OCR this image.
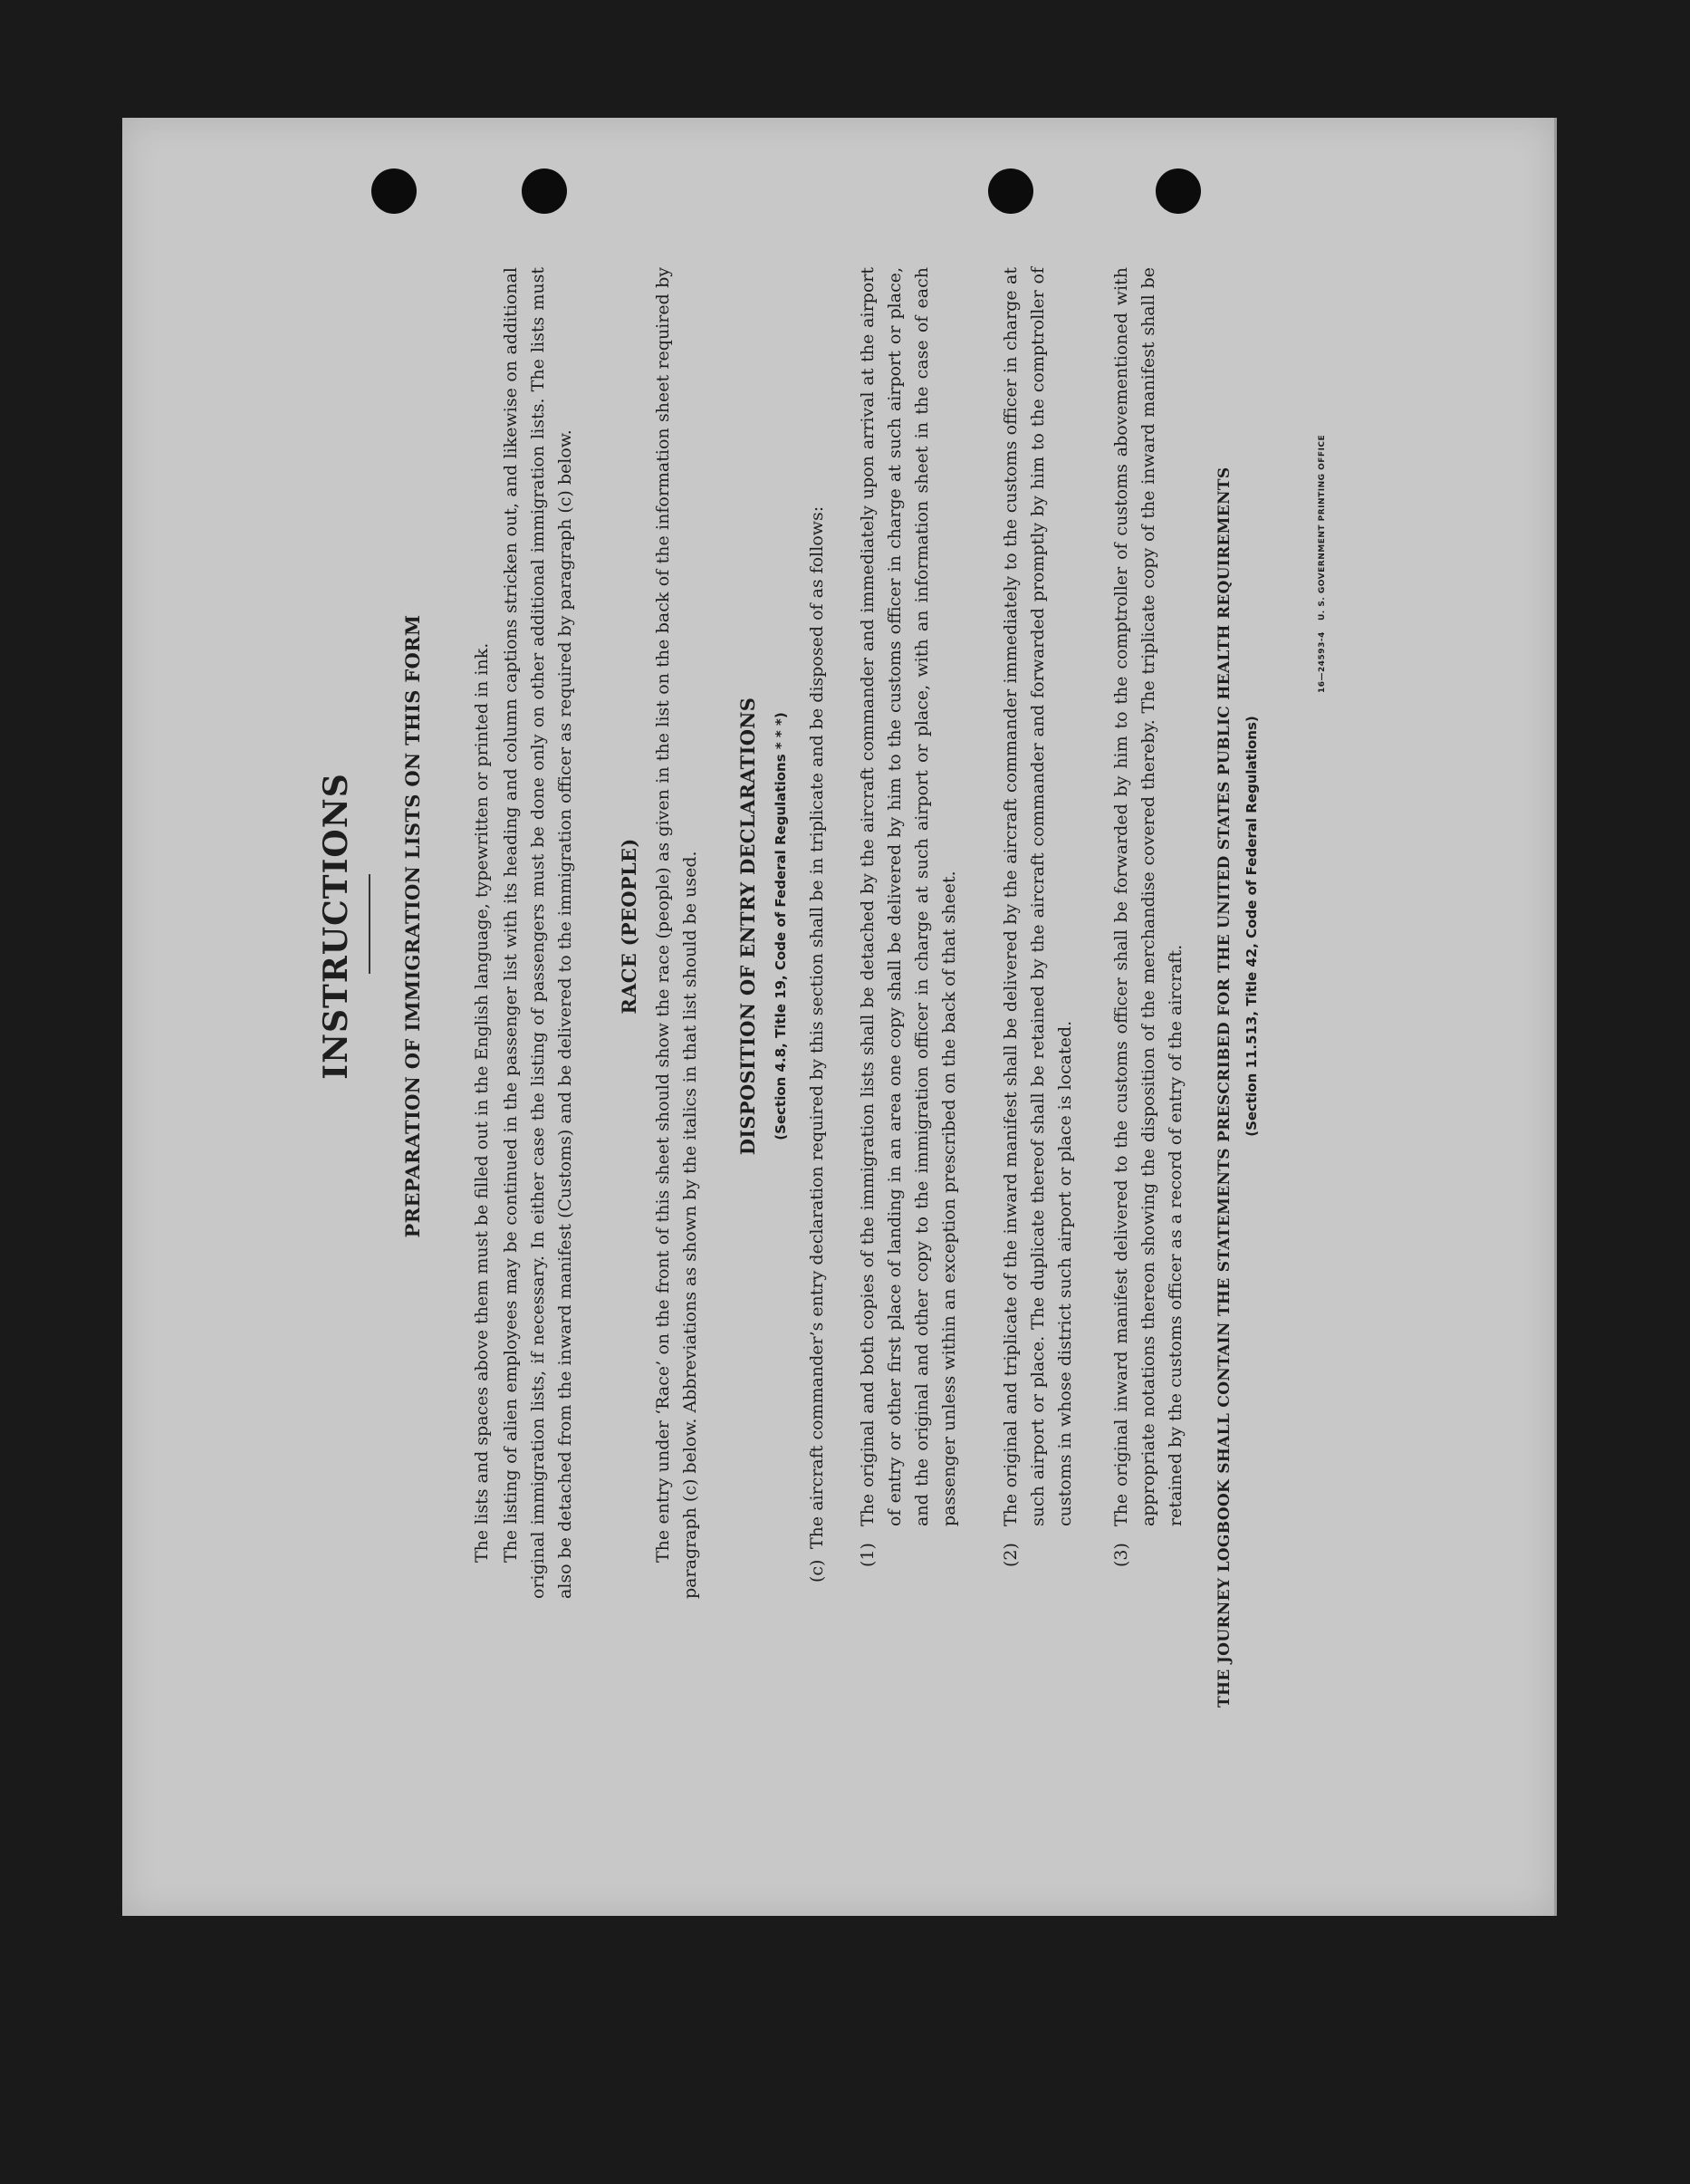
INSTRUCTIONS PREPARATION OF IMMIGRATION LISTS ON THIS FORM	The lists and spaces above them must be filled out in the English language, typewritten or printed in ink. The listing of alien employees may be continued in the passenger list with its heading and column captions stricken out, and likewise on additional original immigration lists, if necessary. In either case the listing of passengers must be done only on other additional immigration lists. The lists must also be detached from the inward manifest (Customs) and be delivered to the immigration officer as required by paragraph (c) below. RACE (PEOPLE) The entry under ‘Race’ on the front of this sheet should show the race (people) as given in the list on the back of the information sheet required by paragraph (c) below. Abbreviations as shown by the italics in that list should be used. DISPOSITION OF ENTRY DECLARATIONS (Section 4.8, Title 19, Code of Federal Regulations * * *)
(c)
The aircraft commander’s entry declaration required by this section shall be in triplicate and be disposed of as follows:
(1)
The original and both copies of the immigration lists shall be detached by the aircraft commander and immediately upon arrival at the airport of entry or other first place of landing in an area one copy shall be delivered by him to the customs officer in charge at such airport or place, and the original and other copy to the immigration officer in charge at such airport or place, with an information sheet in the case of each passenger unless within an exception prescribed on the back of that sheet.
(2)
The original and triplicate of the inward manifest shall be delivered by the aircraft commander immediately to the customs officer in charge at such airport or place. The duplicate thereof shall be retained by the aircraft commander and forwarded promptly by him to the comptroller of customs in whose district such airport or place is located.
(3)
The original inward manifest delivered to the customs officer shall be forwarded by him to the comptroller of customs abovementioned with appropriate notations thereon showing the disposition of the merchandise covered thereby. The triplicate copy of the inward manifest shall be retained by the customs officer as a record of entry of the aircraft. THE JOURNEY LOGBOOK SHALL CONTAIN THE STATEMENTS PRESCRIBED FOR THE UNITED STATES PUBLIC HEALTH REQUIREMENTS (Section 11.513, Title 42, Code of Federal Regulations)
16—24593-4
U. S. GOVERNMENT PRINTING OFFICE
